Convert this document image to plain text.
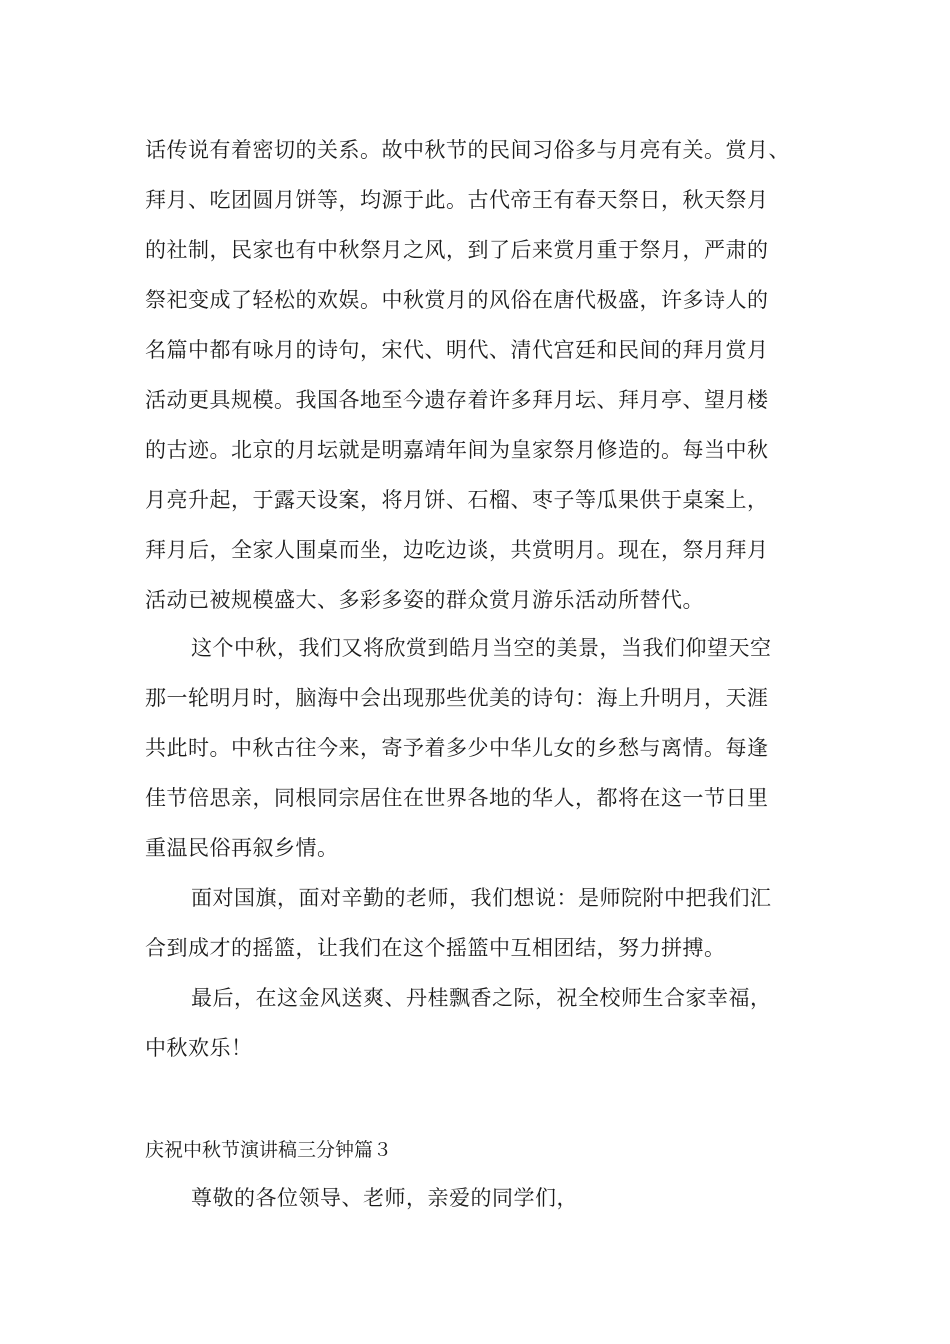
话传说有着密切的关系。故中秋节的民间习俗多与月亮有关。赏月、
拜月、吃团圆月饼等，均源于此。古代帝王有春天祭日，秋天祭月
的社制，民家也有中秋祭月之风，到了后来赏月重于祭月，严肃的
祭祀变成了轻松的欢娱。中秋赏月的风俗在唐代极盛，许多诗人的
名篇中都有咏月的诗句，宋代、明代、清代宫廷和民间的拜月赏月
活动更具规模。我国各地至今遗存着许多拜月坛、拜月亭、望月楼
的古迹。北京的月坛就是明嘉靖年间为皇家祭月修造的。每当中秋
月亮升起，于露天设案，将月饼、石榴、枣子等瓜果供于桌案上，
拜月后，全家人围桌而坐，边吃边谈，共赏明月。现在，祭月拜月
活动已被规模盛大、多彩多姿的群众赏月游乐活动所替代。
这个中秋，我们又将欣赏到皓月当空的美景，当我们仰望天空
那一轮明月时，脑海中会出现那些优美的诗句：海上升明月，天涯
共此时。中秋古往今来，寄予着多少中华儿女的乡愁与离情。每逢
佳节倍思亲，同根同宗居住在世界各地的华人，都将在这一节日里
重温民俗再叙乡情。
面对国旗，面对辛勤的老师，我们想说：是师院附中把我们汇
合到成才的摇篮，让我们在这个摇篮中互相团结，努力拼搏。
最后，在这金风送爽、丹桂飘香之际，祝全校师生合家幸福，
中秋欢乐！
庆祝中秋节演讲稿三分钟篇３
尊敬的各位领导、老师，亲爱的同学们，
